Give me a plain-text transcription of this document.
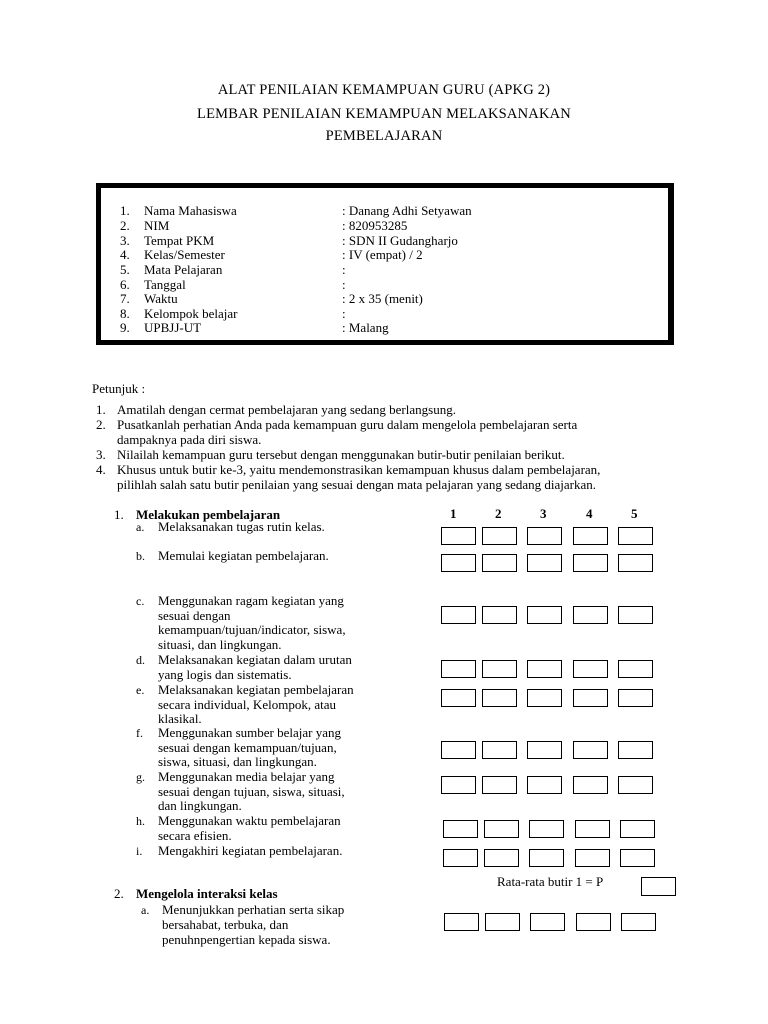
ALAT PENILAIAN KEMAMPUAN GURU (APKG 2)
LEMBAR PENILAIAN KEMAMPUAN MELAKSANAKAN
PEMBELAJARAN
1. Nama Mahasiswa	: Danang Adhi Setyawan
2. NIM	: 820953285
3. Tempat PKM	: SDN II Gudangharjo
4. Kelas/Semester	: IV (empat) / 2
5. Mata Pelajaran	:
6. Tanggal	:
7. Waktu	: 2 x 35 (menit)
8. Kelompok belajar	:
9. UPBJJ-UT	: Malang
Petunjuk :
1. Amatilah dengan cermat pembelajaran yang sedang berlangsung.
2. Pusatkanlah perhatian Anda pada kemampuan guru dalam mengelola pembelajaran serta
dampaknya pada diri siswa.
3. Nilailah kemampuan guru tersebut dengan menggunakan butir-butir penilaian berikut.
4. Khusus untuk butir ke-3, yaitu mendemonstrasikan kemampuan khusus dalam pembelajaran,
pilihlah salah satu butir penilaian yang sesuai dengan mata pelajaran yang sedang diajarkan.
1	2	3	4	5
1. Melakukan pembelajaran
a. Melaksanakan tugas rutin kelas.
b. Memulai kegiatan pembelajaran.
c. Menggunakan ragam kegiatan yang
sesuai dengan
kemampuan/tujuan/indicator, siswa,
situasi, dan lingkungan.
d. Melaksanakan kegiatan dalam urutan
yang logis dan sistematis.
e. Melaksanakan kegiatan pembelajaran
secara individual, Kelompok, atau
klasikal.
f. Menggunakan sumber belajar yang
sesuai dengan kemampuan/tujuan,
siswa, situasi, dan lingkungan.
g. Menggunakan media belajar yang
sesuai dengan tujuan, siswa, situasi,
dan lingkungan.
h. Menggunakan waktu pembelajaran
secara efisien.
i. Mengakhiri kegiatan pembelajaran.
Rata-rata butir 1 = P
2. Mengelola interaksi kelas
a. Menunjukkan perhatian serta sikap
bersahabat, terbuka, dan
penuhnpengertian kepada siswa.
